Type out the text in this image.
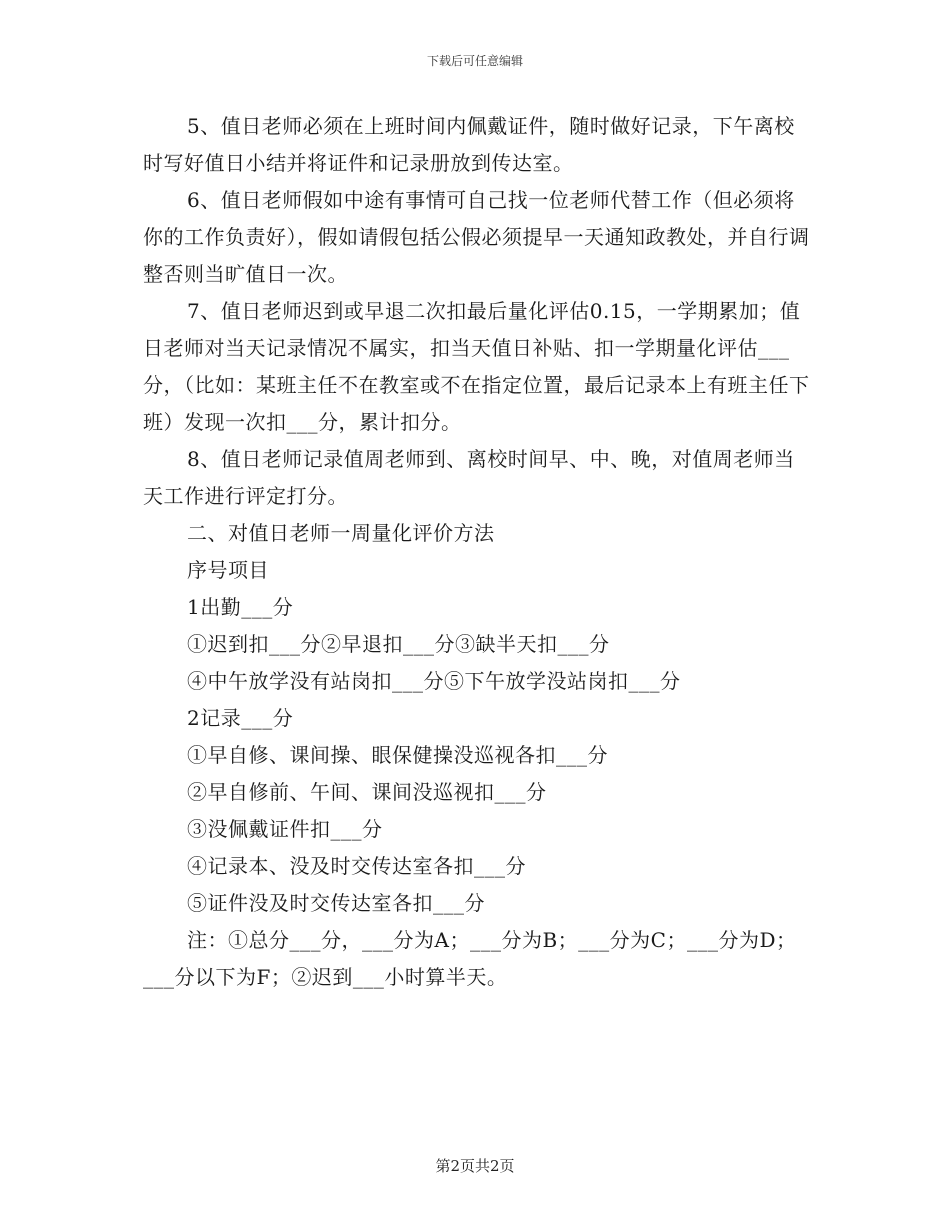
下载后可任意编辑

5、值日老师必须在上班时间内佩戴证件，随时做好记录，下午离校时写好值日小结并将证件和记录册放到传达室。

6、值日老师假如中途有事情可自己找一位老师代替工作（但必须将你的工作负责好），假如请假包括公假必须提早一天通知政教处，并自行调整否则当旷值日一次。

7、值日老师迟到或早退二次扣最后量化评估0.15，一学期累加；值日老师对当天记录情况不属实，扣当天值日补贴、扣一学期量化评估___分，（比如：某班主任不在教室或不在指定位置，最后记录本上有班主任下班）发现一次扣___分，累计扣分。

8、值日老师记录值周老师到、离校时间早、中、晚，对值周老师当天工作进行评定打分。

二、对值日老师一周量化评价方法

序号项目

1出勤___分

①迟到扣___分②早退扣___分③缺半天扣___分

④中午放学没有站岗扣___分⑤下午放学没站岗扣___分

2记录___分

①早自修、课间操、眼保健操没巡视各扣___分

②早自修前、午间、课间没巡视扣___分

③没佩戴证件扣___分

④记录本、没及时交传达室各扣___分

⑤证件没及时交传达室各扣___分

注：①总分___分，___分为A；___分为B；___分为C；___分为D；___分以下为F；②迟到___小时算半天。

第2页共2页
